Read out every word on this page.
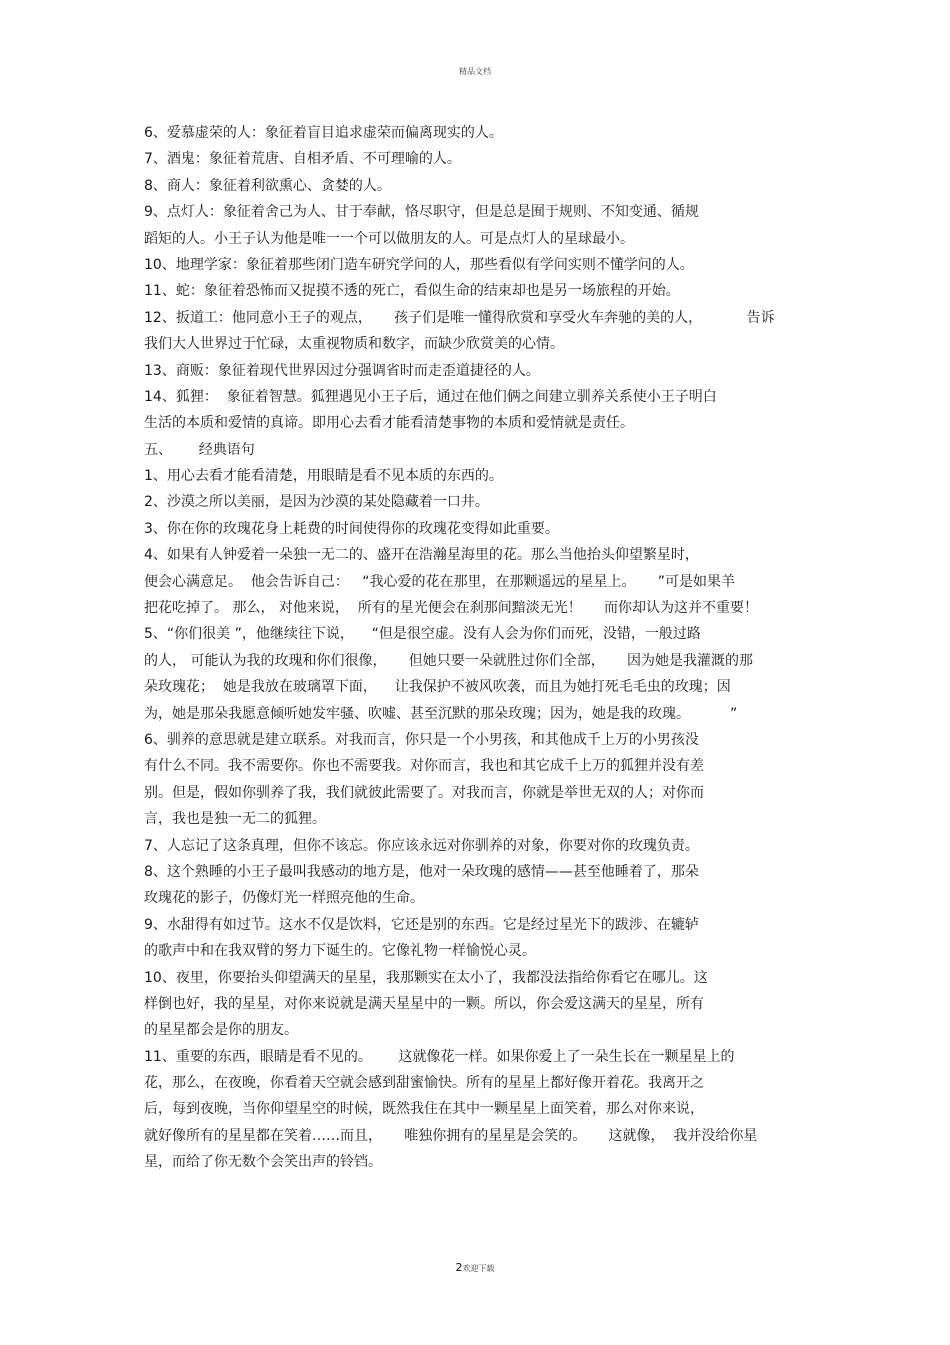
精品文档
6、爱慕虚荣的人：象征着盲目追求虚荣而偏离现实的人。
7、酒鬼：象征着荒唐、自相矛盾、不可理喻的人。
8、商人：象征着利欲熏心、贪婪的人。
9、点灯人：象征着舍己为人、甘于奉献，恪尽职守，但是总是囿于规则、不知变通、循规
蹈矩的人。小王子认为他是唯一一个可以做朋友的人。可是点灯人的星球最小。
10、地理学家：象征着那些闭门造车研究学问的人，那些看似有学问实则不懂学问的人。
11、蛇：象征着恐怖而又捉摸不透的死亡，看似生命的结束却也是另一场旅程的开始。
12、扳道工：他同意小王子的观点，     孩子们是唯一懂得欣赏和享受火车奔驰的美的人，          告诉
我们大人世界过于忙碌，太重视物质和数字，而缺少欣赏美的心情。
13、商贩：象征着现代世界因过分强调省时而走歪道捷径的人。
14、狐狸：  象征着智慧。狐狸遇见小王子后，通过在他们俩之间建立驯养关系使小王子明白
生活的本质和爱情的真谛。即用心去看才能看清楚事物的本质和爱情就是责任。
五、      经典语句
1、用心去看才能看清楚，用眼睛是看不见本质的东西的。
2、沙漠之所以美丽，是因为沙漠的某处隐藏着一口井。
3、你在你的玫瑰花身上耗费的时间使得你的玫瑰花变得如此重要。
4、如果有人钟爱着一朵独一无二的、盛开在浩瀚星海里的花。那么当他抬头仰望繁星时，
便会心满意足。  他会告诉自己：   “我心爱的花在那里，在那颗遥远的星星上。     ”可是如果羊
把花吃掉了。 那么， 对他来说，  所有的星光便会在刹那间黯淡无光！     而你却认为这并不重要！
5、“你们很美 ”，他继续往下说，    “但是很空虚。没有人会为你们而死，没错，一般过路
的人， 可能认为我的玫瑰和你们很像，     但她只要一朵就胜过你们全部，     因为她是我灌溉的那
朵玫瑰花；  她是我放在玻璃罩下面，    让我保护不被风吹袭，而且为她打死毛毛虫的玫瑰；因
为，她是那朵我愿意倾听她发牢骚、吹嘘、甚至沉默的那朵玫瑰；因为，她是我的玫瑰。         ”
6、驯养的意思就是建立联系。对我而言，你只是一个小男孩，和其他成千上万的小男孩没
有什么不同。我不需要你。你也不需要我。对你而言，我也和其它成千上万的狐狸并没有差
别。但是，假如你驯养了我，我们就彼此需要了。对我而言，你就是举世无双的人；对你而
言，我也是独一无二的狐狸。
7、人忘记了这条真理，但你不该忘。你应该永远对你驯养的对象，你要对你的玫瑰负责。
8、这个熟睡的小王子最叫我感动的地方是，他对一朵玫瑰的感情——甚至他睡着了，那朵
玫瑰花的影子，仍像灯光一样照亮他的生命。
9、水甜得有如过节。这水不仅是饮料，它还是别的东西。它是经过星光下的跋涉、在辘轳
的歌声中和在我双臂的努力下诞生的。它像礼物一样愉悦心灵。
10、夜里，你要抬头仰望满天的星星，我那颗实在太小了，我都没法指给你看它在哪儿。这
样倒也好，我的星星，对你来说就是满天星星中的一颗。所以，你会爱这满天的星星，所有
的星星都会是你的朋友。
11、重要的东西，眼睛是看不见的。      这就像花一样。如果你爱上了一朵生长在一颗星星上的
花，那么，在夜晚，你看着天空就会感到甜蜜愉快。所有的星星上都好像开着花。我离开之
后，每到夜晚，当你仰望星空的时候，既然我住在其中一颗星星上面笑着，那么对你来说，
就好像所有的星星都在笑着……而且，     唯独你拥有的星星是会笑的。     这就像，  我并没给你星
星，而给了你无数个会笑出声的铃铛。
2欢迎下载
